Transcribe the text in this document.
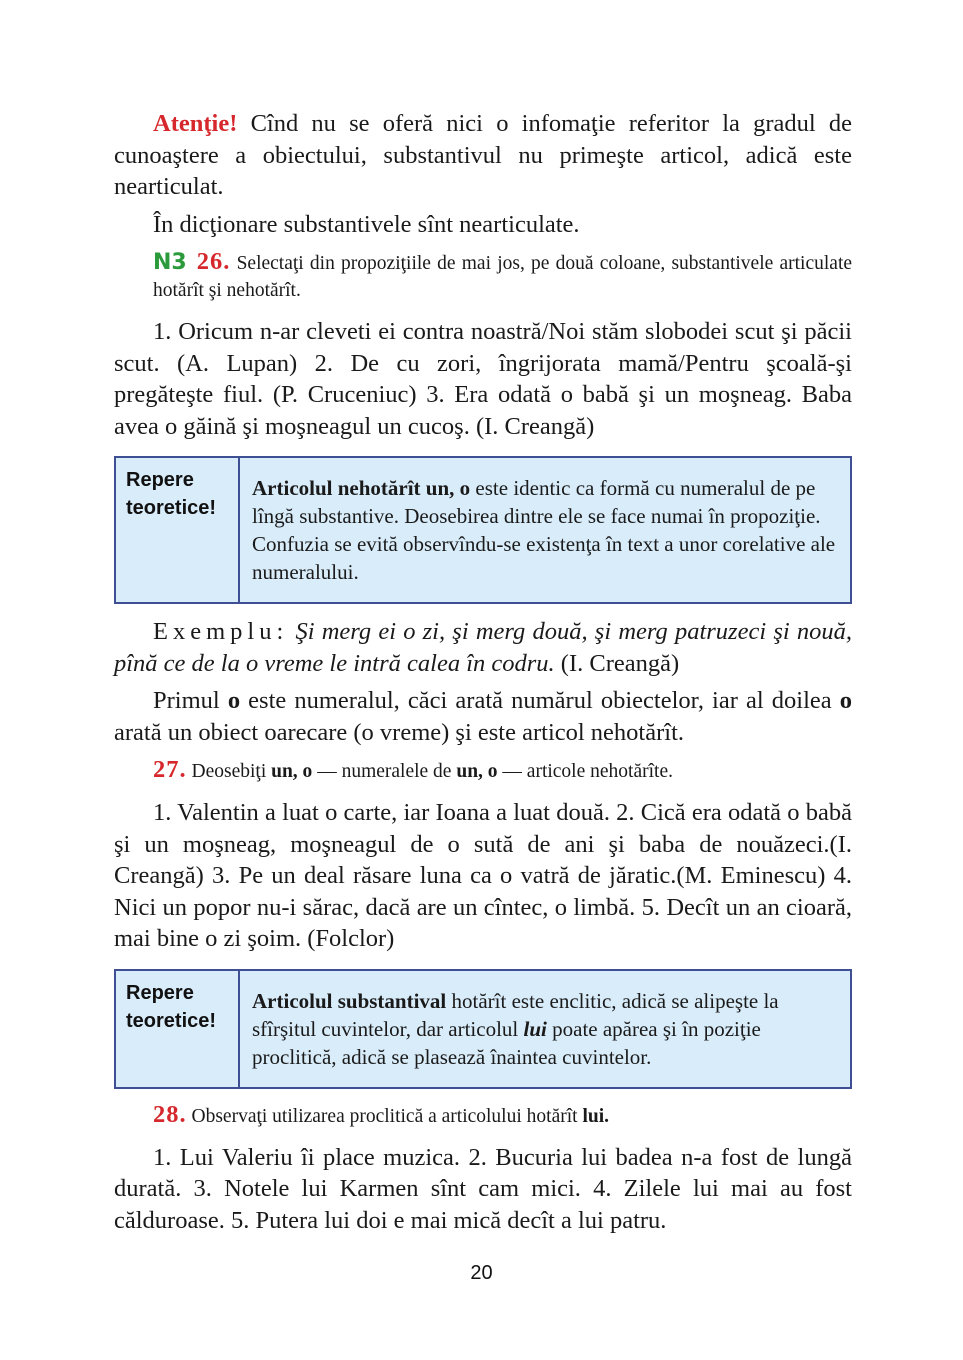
Atenţie! Cînd nu se oferă nici o infomaţie referitor la gradul de cunoaştere a obiectului, substantivul nu primeşte articol, adică este nearticulat.

În dicţionare substantivele sînt nearticulate.

N3 26. Selectaţi din propoziţiile de mai jos, pe două coloane, substantivele articulate hotărît şi nehotărît.

1. Oricum n-ar cleveti ei contra noastră/Noi stăm slobodei scut şi păcii scut. (A. Lupan) 2. De cu zori, îngrijorata mamă/Pentru şcoală-şi pregăteşte fiul. (P. Cruceniuc) 3. Era odată o babă şi un moşneag. Baba avea o găină şi moşneagul un cucoş. (I. Creangă)

Repere teoretice!
Articolul nehotărît un, o este identic ca formă cu numeralul de pe lîngă substantive. Deosebirea dintre ele se face numai în propoziţie. Confuzia se evită observîndu-se existenţa în text a unor corelative ale numeralului.

Exemplu: Şi merg ei o zi, şi merg două, şi merg patruzeci şi nouă, pînă ce de la o vreme le intră calea în codru. (I. Creangă)

Primul o este numeralul, căci arată numărul obiectelor, iar al doilea o arată un obiect oarecare (o vreme) şi este articol nehotărît.

27. Deosebiţi un, o — numeralele de un, o — articole nehotărîte.

1. Valentin a luat o carte, iar Ioana a luat două. 2. Cică era odată o babă şi un moşneag, moşneagul de o sută de ani şi baba de nouăzeci.(I. Creangă) 3. Pe un deal răsare luna ca o vatră de jăratic.(M. Eminescu) 4. Nici un popor nu-i sărac, dacă are un cîntec, o limbă. 5. Decît un an cioară, mai bine o zi şoim. (Folclor)

Repere teoretice!
Articolul substantival hotărît este enclitic, adică se alipeşte la sfîrşitul cuvintelor, dar articolul lui poate apărea şi în poziţie proclitică, adică se plasează înaintea cuvintelor.

28. Observaţi utilizarea proclitică a articolului hotărît lui.

1. Lui Valeriu îi place muzica. 2. Bucuria lui badea n-a fost de lungă durată. 3. Notele lui Karmen sînt cam mici. 4. Zilele lui mai au fost călduroase. 5. Putera lui doi e mai mică decît a lui patru.

20
